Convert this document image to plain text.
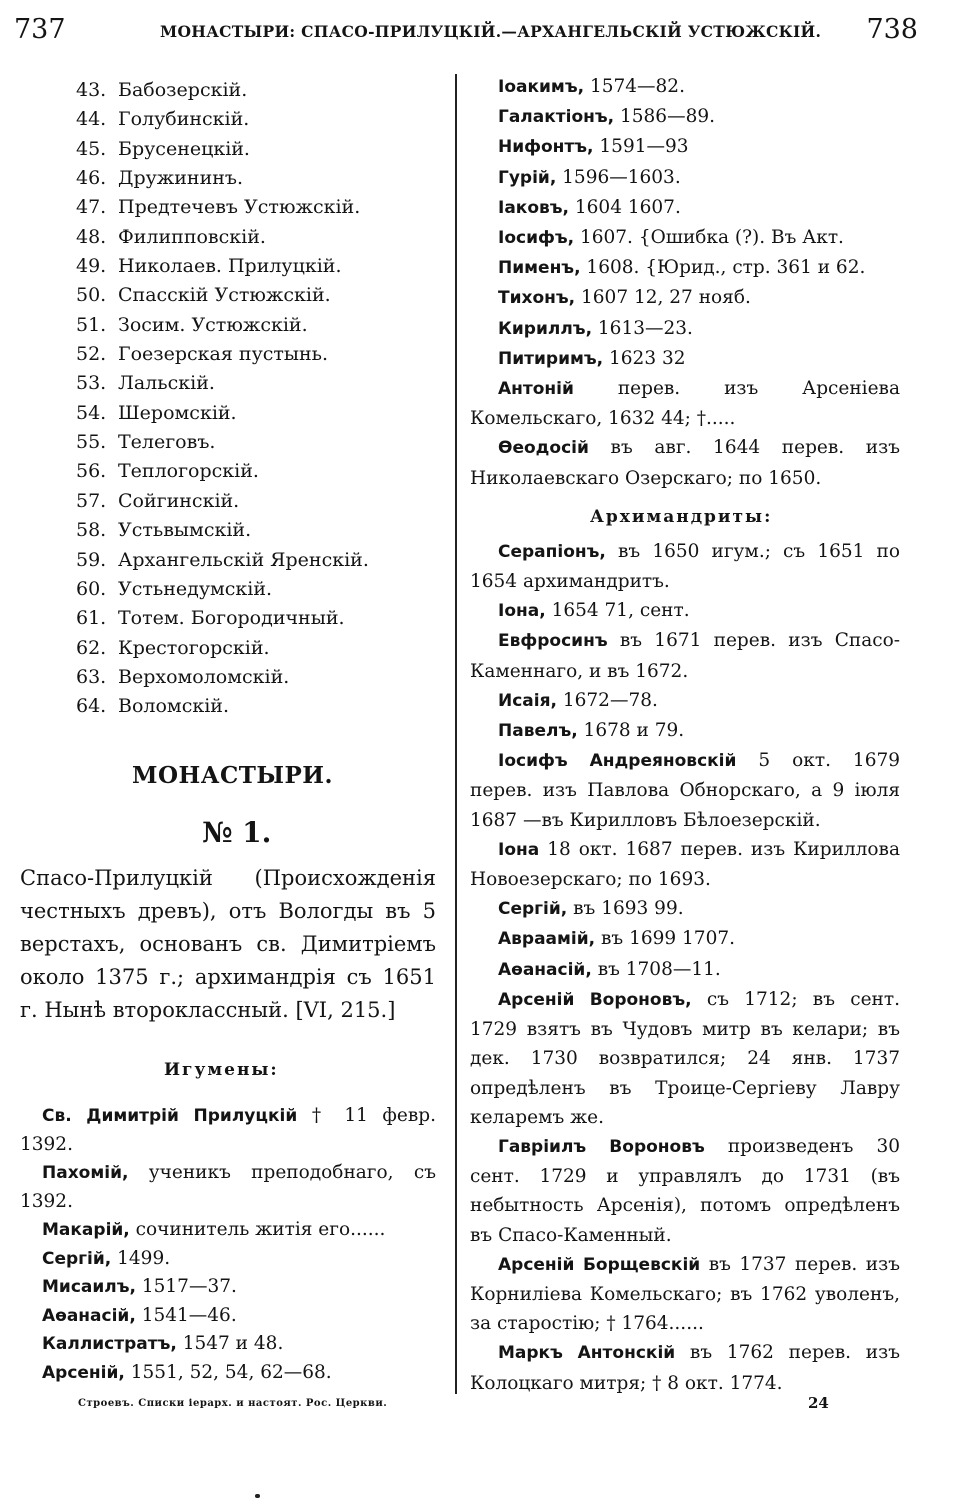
737	МОНАСТЫРИ: СПАСО-ПРИЛУЦКІЙ.—АРХАНГЕЛЬСКІЙ УСТЮЖСКІЙ. 738
43. Бабозерскій.
44. Голубинскій.
45. Брусенецкій.
46. Дружининъ.
47. Предтечевъ Устюжскій.
48. Филипповскій.
49. Николаев. Прилуцкій.
50. Спасскій Устюжскій.
51. Зосим. Устюжскій.
52. Гоезерская пустынь.
53. Лальскій.
54. Шеромскій.
55. Телеговъ.
56. Теплогорскій.
57. Сойгинскій.
58. Устьвымскій.
59. Архангельскій Яренскій.
60. Устьнедумскій.
61. Тотем. Богородичный.
62. Крестогорскій.
63. Верхомоломскій.
64. Воломскій.
МОНАСТЫРИ.
№ 1.
Спасо-Прилуцкій (Происхожденія честныхъ древъ), отъ Вологды въ 5 верстахъ, основанъ св. Димитріемъ около 1375 г.; архимандрія съ 1651 г. Нынѣ второклассный. [VI, 215.]
Игумены:
Св. Димитрій Прилуцкій † 11 февр. 1392.
Пахомій, ученикъ преподобнаго, съ 1392.
Макарій, сочинитель житія его......
Сергій, 1499.
Мисаилъ, 1517—37.
Аѳанасій, 1541—46.
Каллистратъ, 1547 и 48.
Арсеній, 1551, 52, 54, 62—68.
Іоакимъ, 1574—82.
Галактіонъ, 1586—89.
Нифонтъ, 1591—93
Гурій, 1596—1603.
Іаковъ, 1604 1607.
Іосифъ, 1607. {Ошибка (?). Въ Акт.
Пименъ, 1608. {Юрид., стр. 361 и 62.
Тихонъ, 1607 12, 27 нояб.
Кириллъ, 1613—23.
Питиримъ, 1623 32
Антоній перев. изъ Арсеніева Комельскаго, 1632 44; †.....
Ѳеодосій въ авг. 1644 перев. изъ Николаевскаго Озерскаго; по 1650.
Архимандриты:
Серапіонъ, въ 1650 игум.; съ 1651 по 1654 архимандритъ.
Іона, 1654 71, сент.
Евфросинъ въ 1671 перев. изъ Спасо-Каменнаго, и въ 1672.
Исаія, 1672—78.
Павелъ, 1678 и 79.
Іосифъ Андреяновскій 5 окт. 1679 перев. изъ Павлова Обнорскаго, а 9 іюля 1687 —въ Кирилловъ Бѣлоезерскій.
Іона 18 окт. 1687 перев. изъ Кириллова Новоезерскаго; по 1693.
Сергій, въ 1693 99.
Авраамій, въ 1699 1707.
Аѳанасій, въ 1708—11.
Арсеній Вороновъ, съ 1712; въ сент. 1729 взятъ въ Чудовъ митр въ келари; въ дек. 1730 возвратился; 24 янв. 1737 опредѣленъ въ Троице-Сергіеву Лавру келаремъ же.
Гавріилъ Вороновъ произведенъ 30 сент. 1729 и управлялъ до 1731 (въ небытность Арсенія), потомъ опредѣленъ въ Спасо-Каменный.
Арсеній Борщевскій въ 1737 перев. изъ Корниліева Комельскаго; въ 1762 уволенъ, за старостію; † 1764......
Маркъ Антонскій въ 1762 перев. изъ Колоцкаго митря; † 8 окт. 1774.
Строевъ. Списки іерарх. и настоят. Рос. Церкви.	24
